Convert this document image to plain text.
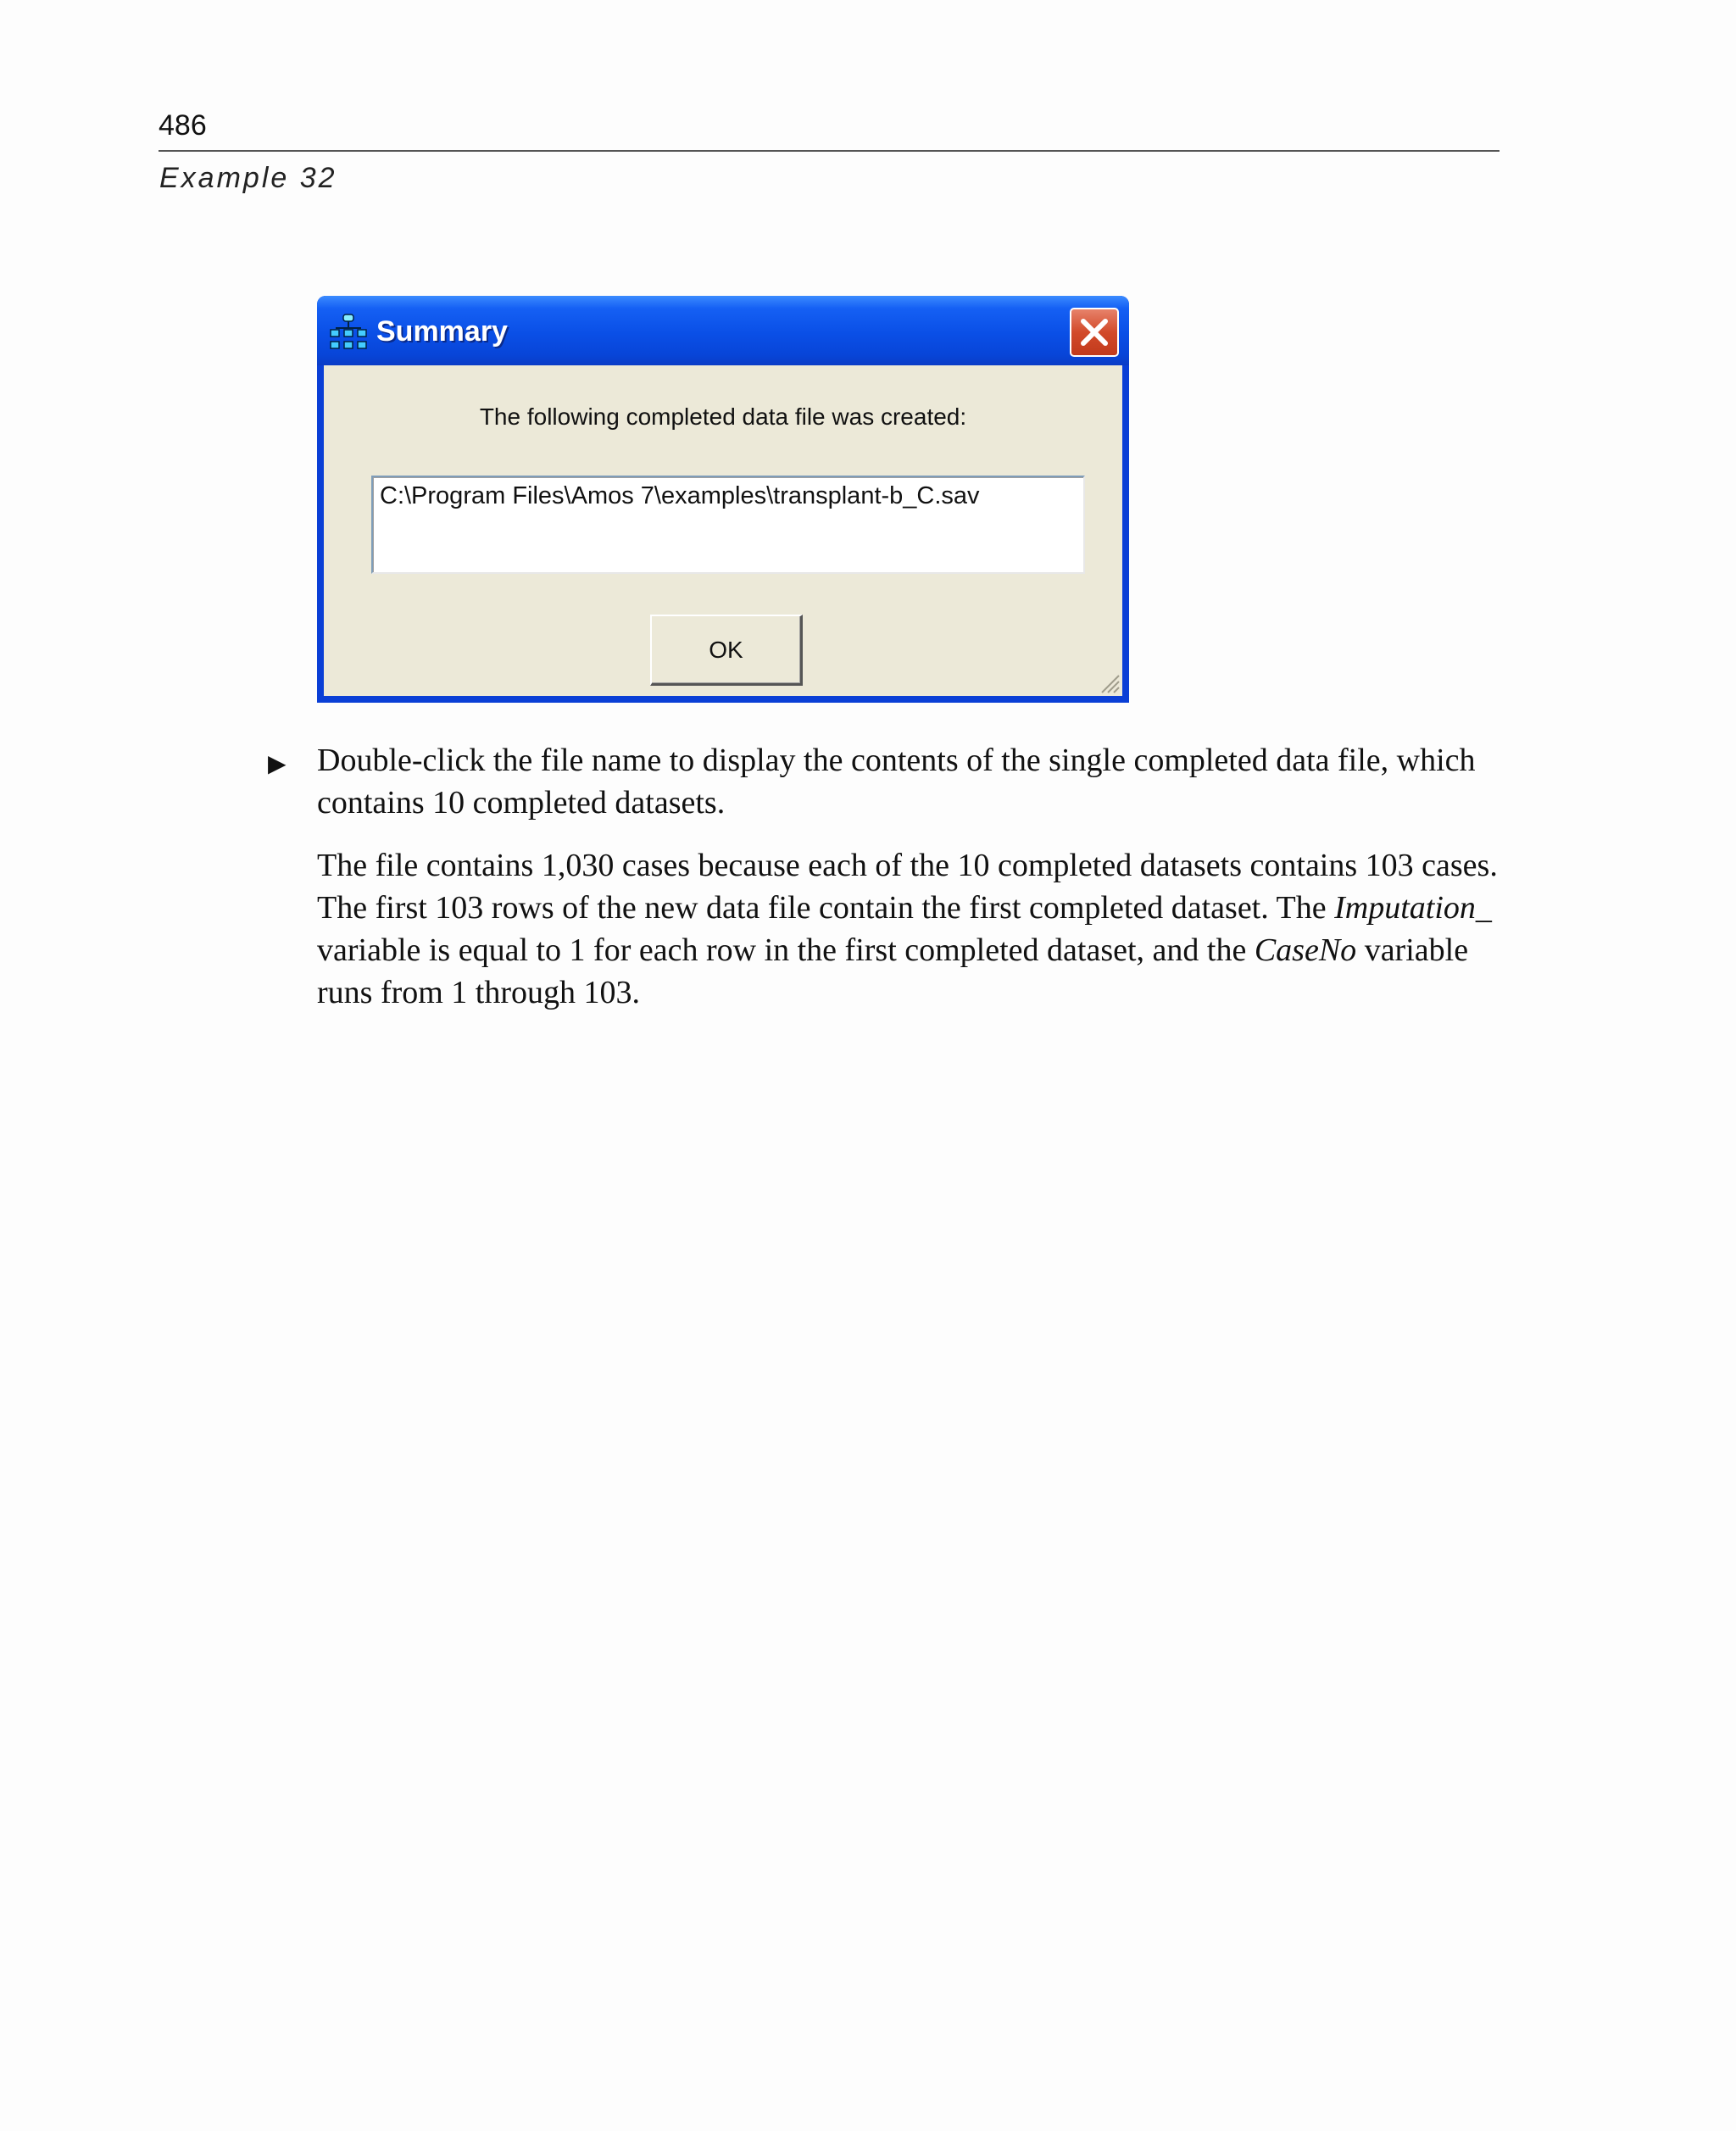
486
Example 32
Summary
The following completed data file was created:
C:\Program Files\Amos 7\examples\transplant-b_C.sav
OK
▶ Double-click the file name to display the contents of the single completed data file, which contains 10 completed datasets.
The file contains 1,030 cases because each of the 10 completed datasets contains 103 cases. The first 103 rows of the new data file contain the first completed dataset. The Imputation_ variable is equal to 1 for each row in the first completed dataset, and the CaseNo variable runs from 1 through 103.
